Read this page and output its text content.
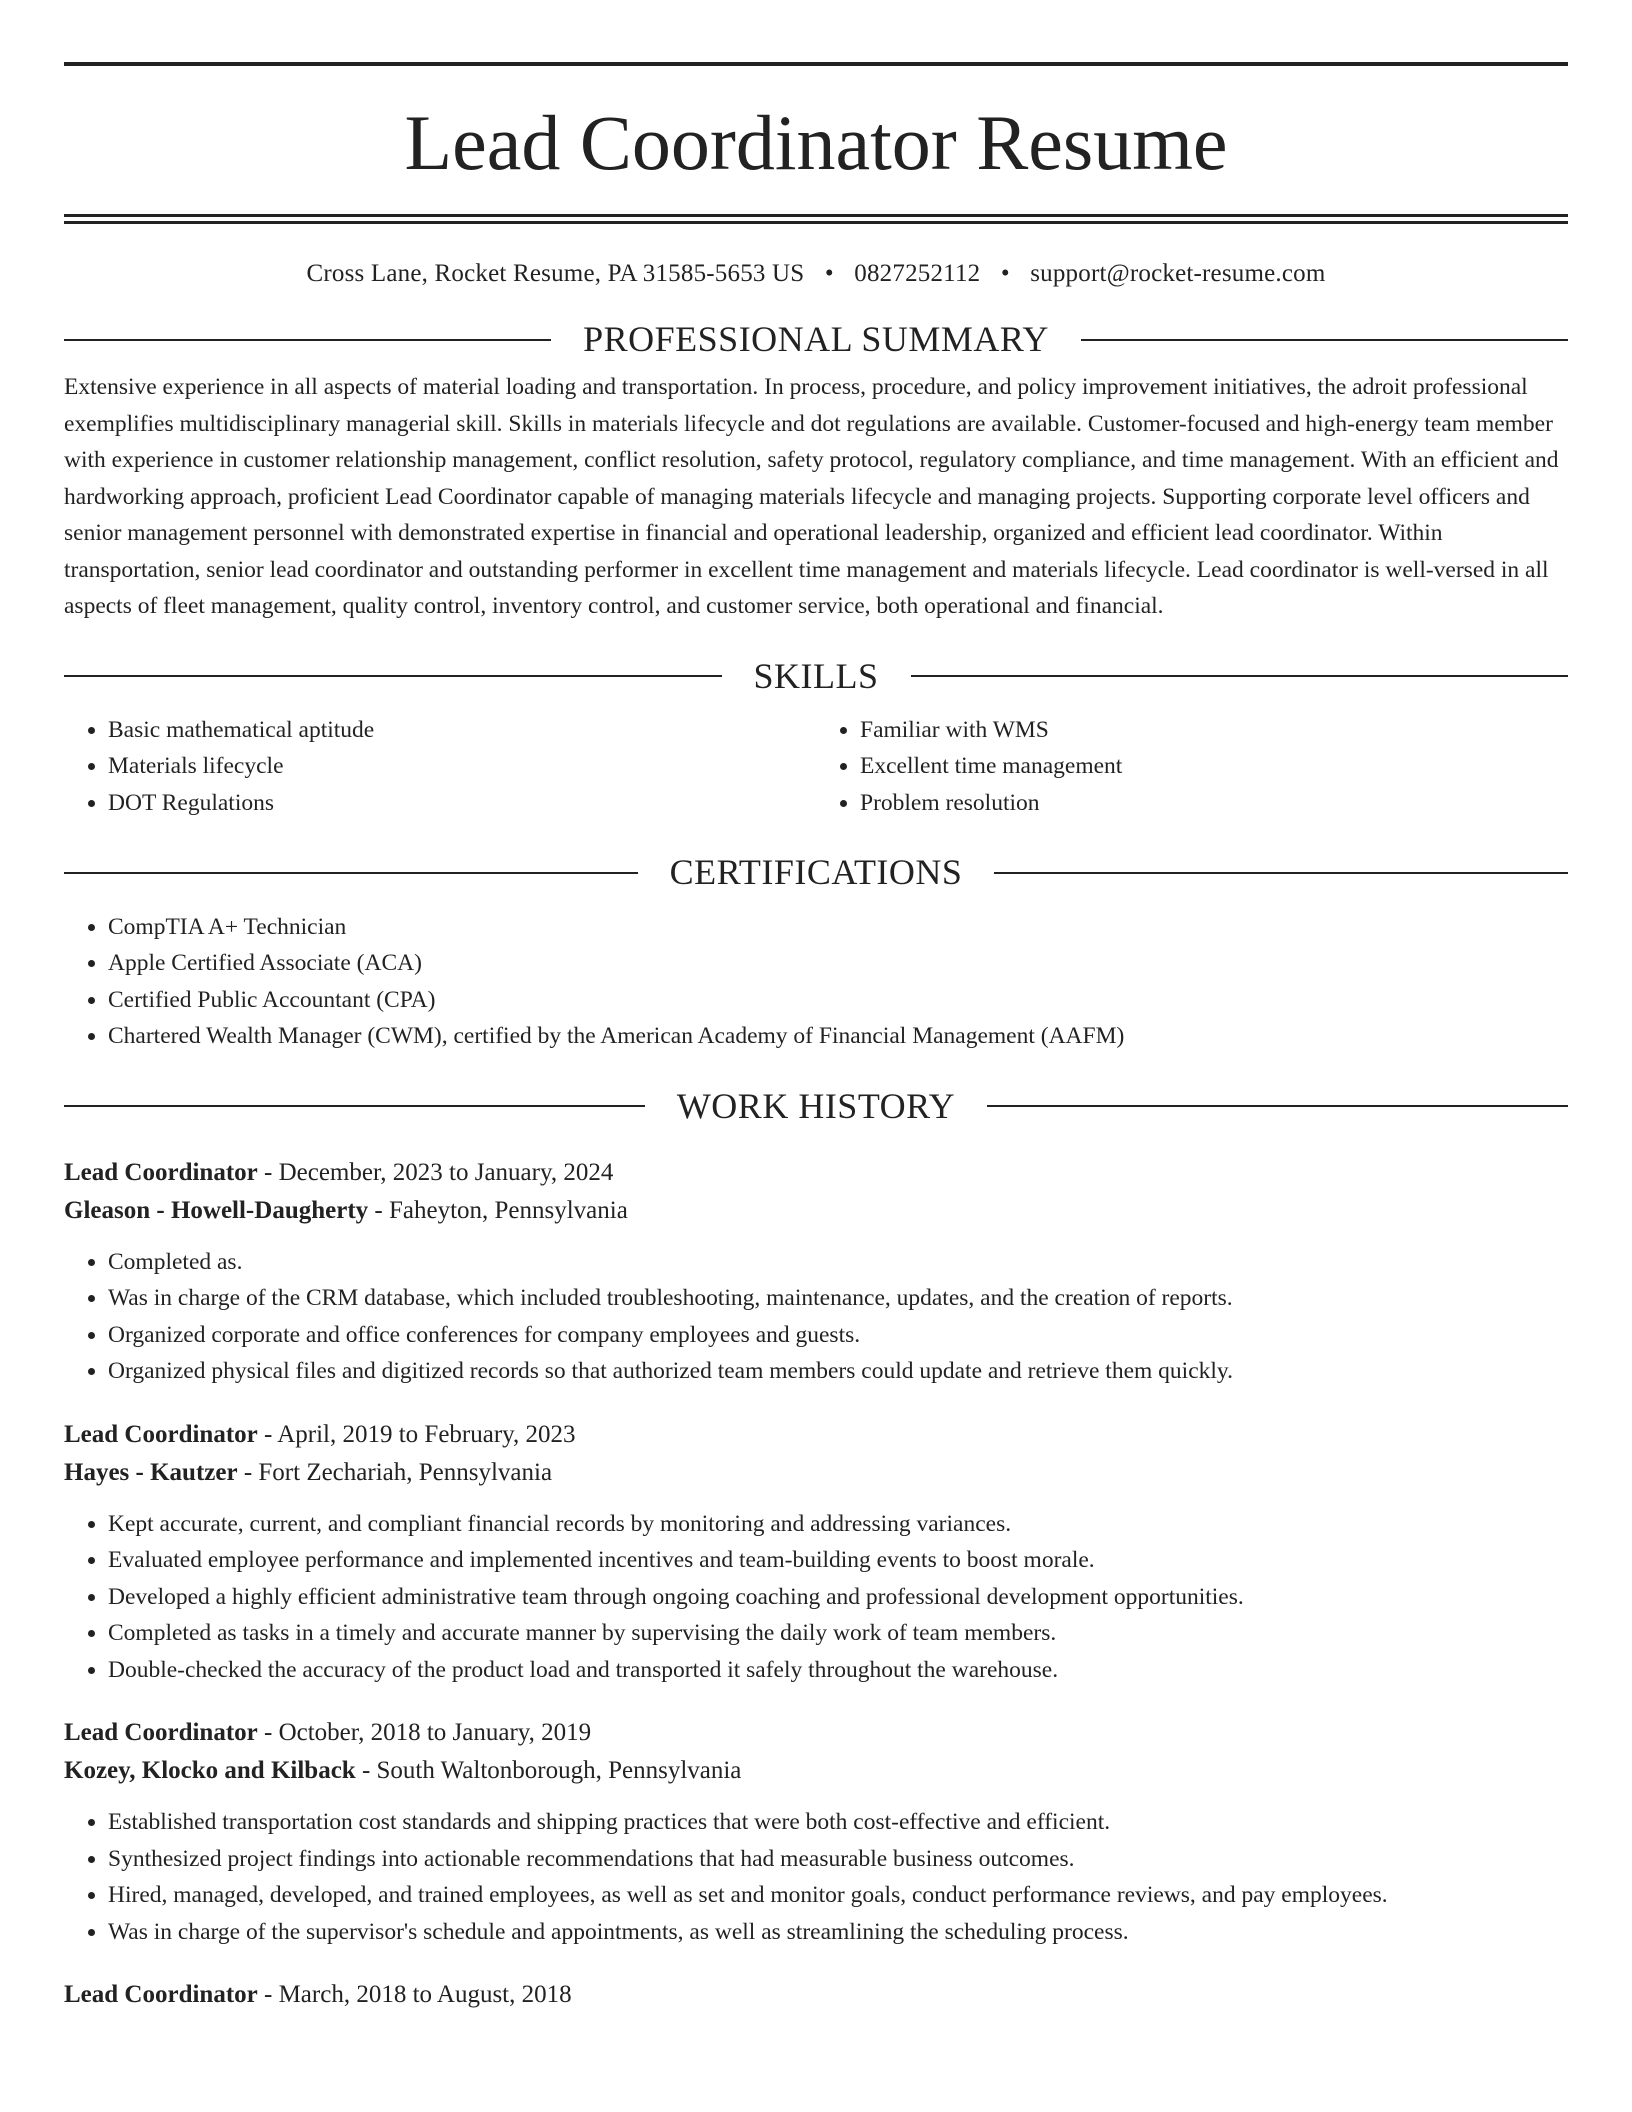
Lead Coordinator Resume
Cross Lane, Rocket Resume, PA 31585-5653 US • 0827252112 • support@rocket-resume.com
PROFESSIONAL SUMMARY

Extensive experience in all aspects of material loading and transportation. In process, procedure, and policy improvement initiatives, the adroit professional exemplifies multidisciplinary managerial skill. Skills in materials lifecycle and dot regulations are available. Customer-focused and high-energy team member with experience in customer relationship management, conflict resolution, safety protocol, regulatory compliance, and time management. With an efficient and hardworking approach, proficient Lead Coordinator capable of managing materials lifecycle and managing projects. Supporting corporate level officers and senior management personnel with demonstrated expertise in financial and operational leadership, organized and efficient lead coordinator. Within transportation, senior lead coordinator and outstanding performer in excellent time management and materials lifecycle. Lead coordinator is well-versed in all aspects of fleet management, quality control, inventory control, and customer service, both operational and financial.

SKILLS
• Basic mathematical aptitude
• Materials lifecycle
• DOT Regulations
• Familiar with WMS
• Excellent time management
• Problem resolution
CERTIFICATIONS
• CompTIA A+ Technician
• Apple Certified Associate (ACA)
• Certified Public Accountant (CPA)
• Chartered Wealth Manager (CWM), certified by the American Academy of Financial Management (AAFM)
WORK HISTORY
Lead Coordinator - December, 2023 to January, 2024
Gleason - Howell-Daugherty - Faheyton, Pennsylvania
• Completed as.
• Was in charge of the CRM database, which included troubleshooting, maintenance, updates, and the creation of reports.
• Organized corporate and office conferences for company employees and guests.
• Organized physical files and digitized records so that authorized team members could update and retrieve them quickly.
Lead Coordinator - April, 2019 to February, 2023
Hayes - Kautzer - Fort Zechariah, Pennsylvania
• Kept accurate, current, and compliant financial records by monitoring and addressing variances.
• Evaluated employee performance and implemented incentives and team-building events to boost morale.
• Developed a highly efficient administrative team through ongoing coaching and professional development opportunities.
• Completed as tasks in a timely and accurate manner by supervising the daily work of team members.
• Double-checked the accuracy of the product load and transported it safely throughout the warehouse.
Lead Coordinator - October, 2018 to January, 2019
Kozey, Klocko and Kilback - South Waltonborough, Pennsylvania
• Established transportation cost standards and shipping practices that were both cost-effective and efficient.
• Synthesized project findings into actionable recommendations that had measurable business outcomes.
• Hired, managed, developed, and trained employees, as well as set and monitor goals, conduct performance reviews, and pay employees.
• Was in charge of the supervisor's schedule and appointments, as well as streamlining the scheduling process.
Lead Coordinator - March, 2018 to August, 2018
